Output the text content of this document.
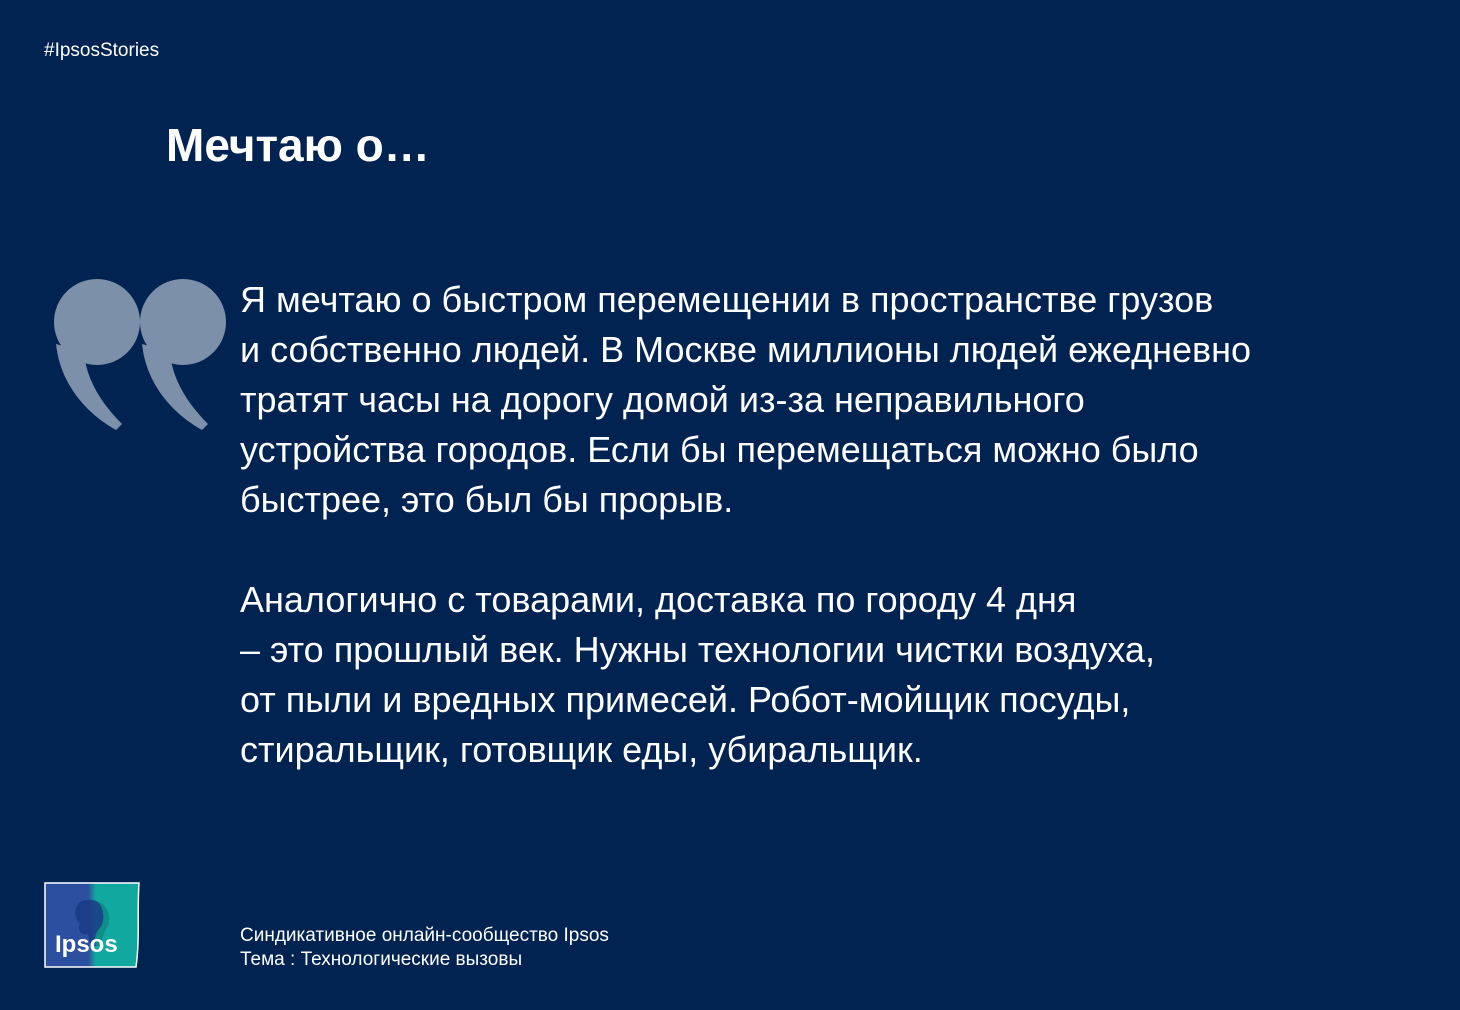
#IpsosStories
Мечтаю о…

Я мечтаю о быстром перемещении в пространстве грузов
и собственно людей. В Москве миллионы людей ежедневно
тратят часы на дорогу домой из-за неправильного
устройства городов. Если бы перемещаться можно было
быстрее, это был бы прорыв.

Аналогично с товарами, доставка по городу 4 дня
– это прошлый век. Нужны технологии чистки воздуха,
от пыли и вредных примесей. Робот-мойщик посуды,
стиральщик, готовщик еды, убиральщик.

Ipsos	Синдикативное онлайн-сообщество Ipsos
Тема : Технологические вызовы
